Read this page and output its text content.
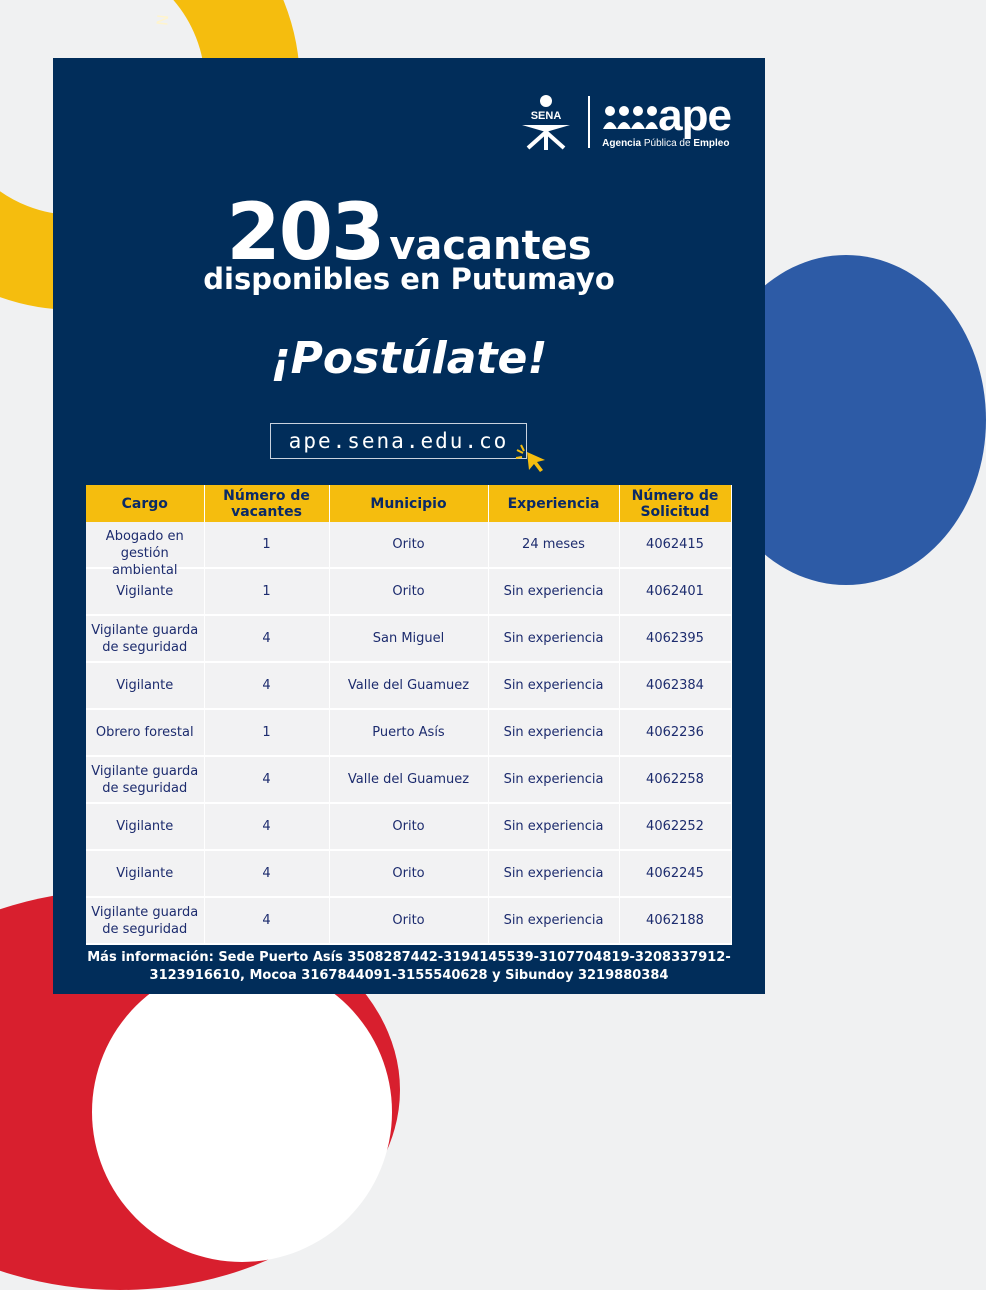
N
SENA ape
Agencia Pública de Empleo
203 vacantes
disponibles en Putumayo
¡Postúlate!
ape.sena.edu.co
Cargo	Número de vacantes	Municipio	Experiencia	Número de Solicitud

Abogado en gestión ambiental	1	Orito	24 meses	4062415
Vigilante	1	Orito	Sin experiencia	4062401
Vigilante guarda de seguridad	4	San Miguel	Sin experiencia	4062395
Vigilante	4	Valle del Guamuez	Sin experiencia	4062384
Obrero forestal	1	Puerto Asís	Sin experiencia	4062236
Vigilante guarda de seguridad	4	Valle del Guamuez	Sin experiencia	4062258
Vigilante	4	Orito	Sin experiencia	4062252
Vigilante	4	Orito	Sin experiencia	4062245
Vigilante guarda de seguridad	4	Orito	Sin experiencia	4062188
Más información: Sede Puerto Asís 3508287442-3194145539-3107704819-3208337912-3123916610, Mocoa 3167844091-3155540628 y Sibundoy 3219880384
